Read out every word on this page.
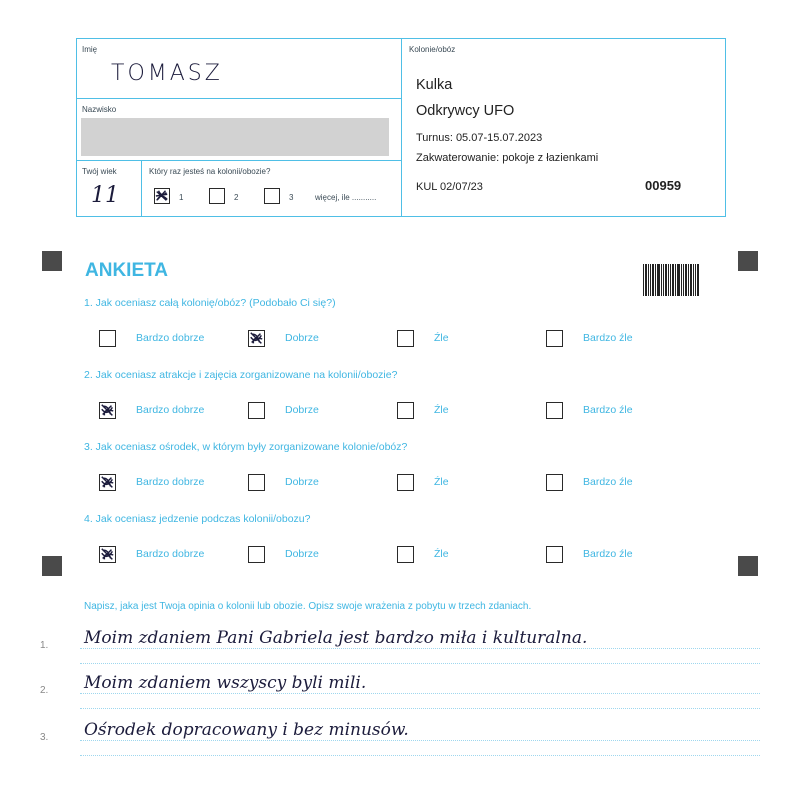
Imię
TOMASZ
Nazwisko
Twój wiek
11
Który raz jesteś na kolonii/obozie?
1	2	3	więcej, ile ...........
Kolonie/obóz
Kulka
Odkrywcy UFO
Turnus: 05.07-15.07.2023
Zakwaterowanie: pokoje z łazienkami
KUL 02/07/23	00959
ANKIETA
1. Jak oceniasz całą kolonię/obóz? (Podobało Ci się?)
Bardzo dobrze	Dobrze	Źle	Bardzo źle
2. Jak oceniasz atrakcje i zajęcia zorganizowane na kolonii/obozie?
Bardzo dobrze	Dobrze	Źle	Bardzo źle
3. Jak oceniasz ośrodek, w którym były zorganizowane kolonie/obóz?
Bardzo dobrze	Dobrze	Źle	Bardzo źle
4. Jak oceniasz jedzenie podczas kolonii/obozu?
Bardzo dobrze	Dobrze	Źle	Bardzo źle
Napisz, jaka jest Twoja opinia o kolonii lub obozie. Opisz swoje wrażenia z pobytu w trzech zdaniach.
1. Moim zdaniem Pani Gabriela jest bardzo miła i kulturalna.
2. Moim zdaniem wszyscy byli mili.
3. Ośrodek dopracowany i bez minusów.
